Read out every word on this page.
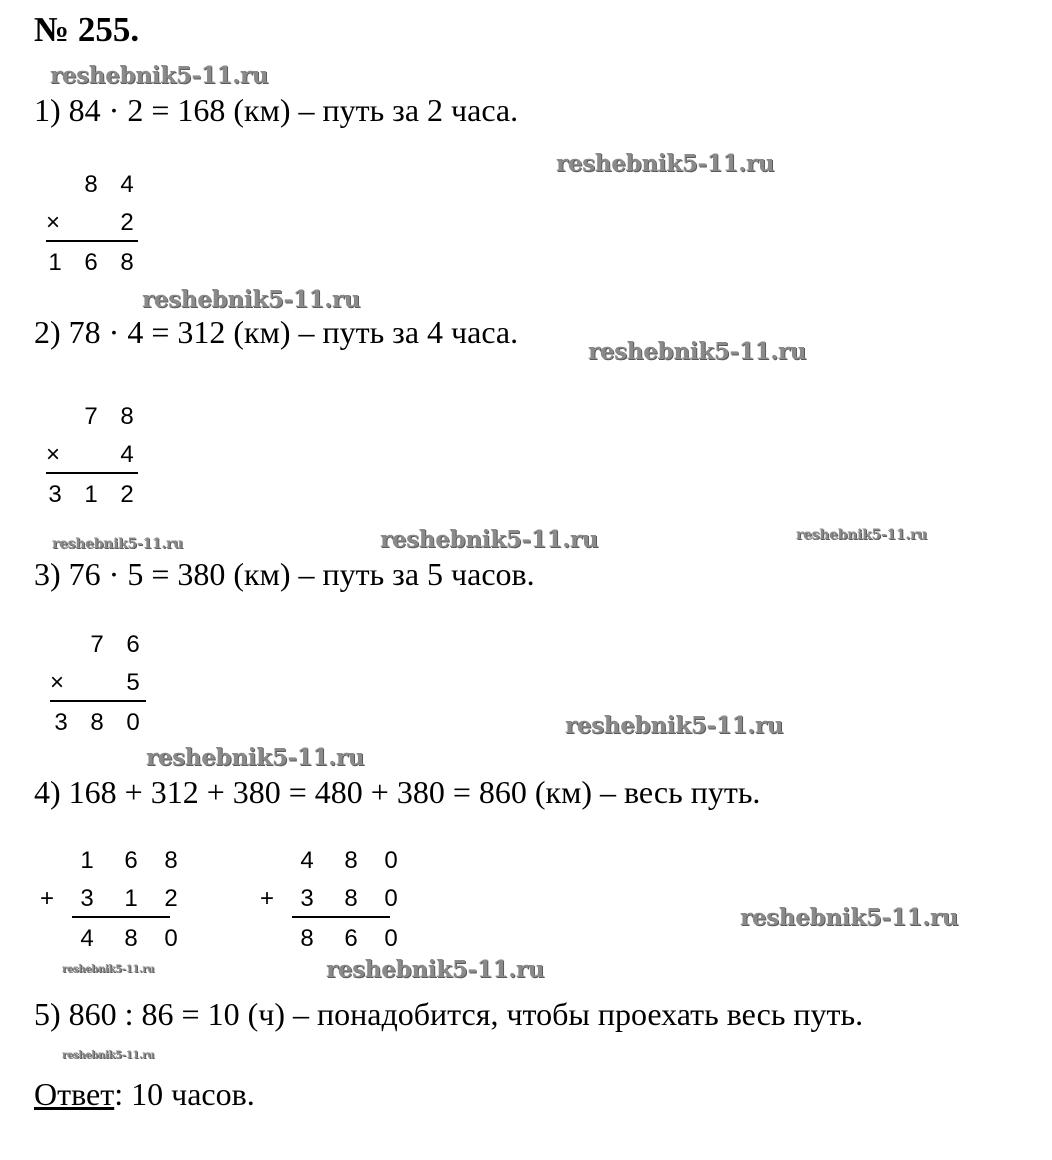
№ 255.
reshebnik5-11.ru
1) 84 · 2 = 168 (км) – путь за 2 часа.
reshebnik5-11.ru
8 4
×	2
1 6 8
reshebnik5-11.ru
2) 78 · 4 = 312 (км) – путь за 4 часа.
reshebnik5-11.ru
7 8
×	4
3 1 2
reshebnik5-11.ru	reshebnik5-11.ru	reshebnik5-11.ru
3) 76 · 5 = 380 (км) – путь за 5 часов.
7 6
×	5
3 8 0	reshebnik5-11.ru
reshebnik5-11.ru
4) 168 + 312 + 380 = 480 + 380 = 860 (км) – весь путь.
1 6 8
+ 3 1 2
4 8 0
4 8 0
+ 3 8 0
8 6 0
reshebnik5-11.ru
reshebnik5-11.ru	reshebnik5-11.ru
5) 860 : 86 = 10 (ч) – понадобится, чтобы проехать весь путь.
reshebnik5-11.ru
Ответ: 10 часов.
